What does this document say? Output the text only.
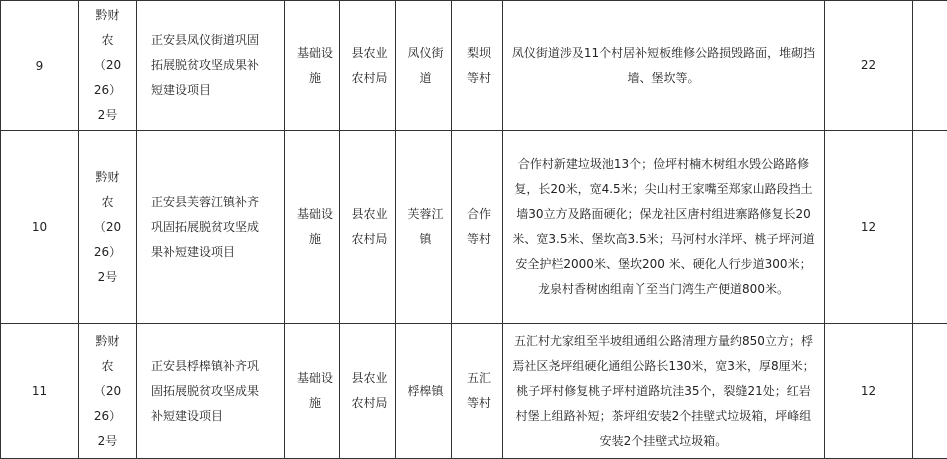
9	黔财农（2026）2号	正安县凤仪街道巩固拓展脱贫攻坚成果补短建设项目	基础设施	县农业农村局	凤仪街道	梨坝等村	凤仪街道涉及11个村居补短板维修公路损毁路面，堆砌挡墙、堡坎等。	22	
10	黔财农（2026）2号	正安县芙蓉江镇补齐巩固拓展脱贫攻坚成果补短建设项目	基础设施	县农业农村局	芙蓉江镇	合作等村	合作村新建垃圾池13个；俭坪村楠木树组水毁公路路修复，长20米，宽4.5米；尖山村王家嘴至郑家山路段挡土墙30立方及路面硬化；保龙社区唐村组进寨路修复长20米、宽3.5米、堡坎高3.5米；马河村水洋坪、桃子坪河道安全护栏2000米、堡坎200 米、硬化人行步道300米；龙泉村香树凼组南丫至当门湾生产便道800米。	12	
11	黔财农（2026）2号	正安县桴槔镇补齐巩固拓展脱贫攻坚成果补短建设项目	基础设施	县农业农村局	桴槔镇	五汇等村	五汇村尤家组至半坡组通组公路清理方量约850立方；桴焉社区尧坪组硬化通组公路长130米，宽3米，厚8厘米；桃子坪村修复桃子坪村道路坑洼35个，裂缝21处；红岩村堡上组路补短；茶坪组安装2个挂壁式垃圾箱，坪峰组安装2个挂壁式垃圾箱。	12	
